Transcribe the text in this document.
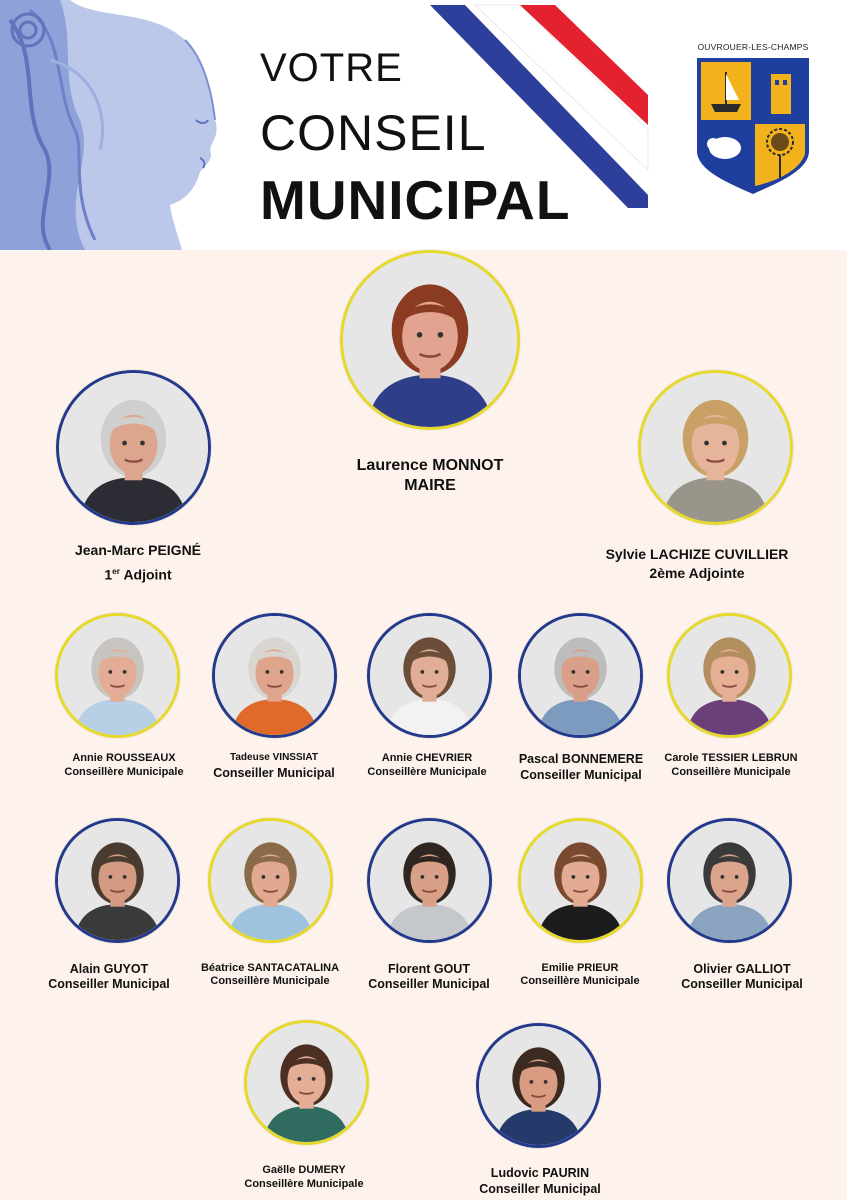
VOTRE
CONSEIL
MUNICIPAL
OUVROUER-LES-CHAMPS
Laurence MONNOT
MAIRE
Jean-Marc PEIGNÉ
1er Adjoint
Sylvie LACHIZE CUVILLIER
2ème Adjointe
Annie ROUSSEAUX
Conseillère Municipale
Tadeuse VINSSIAT
Conseiller Municipal
Annie CHEVRIER
Conseillère Municipale
Pascal BONNEMERE
Conseiller Municipal
Carole TESSIER LEBRUN
Conseillère Municipale
Alain GUYOT
Conseiller Municipal
Béatrice SANTACATALINA
Conseillère Municipale
Florent GOUT
Conseiller Municipal
Emilie PRIEUR
Conseillère Municipale
Olivier GALLIOT
Conseiller Municipal
Gaëlle DUMERY
Conseillère Municipale
Ludovic PAURIN
Conseiller Municipal
